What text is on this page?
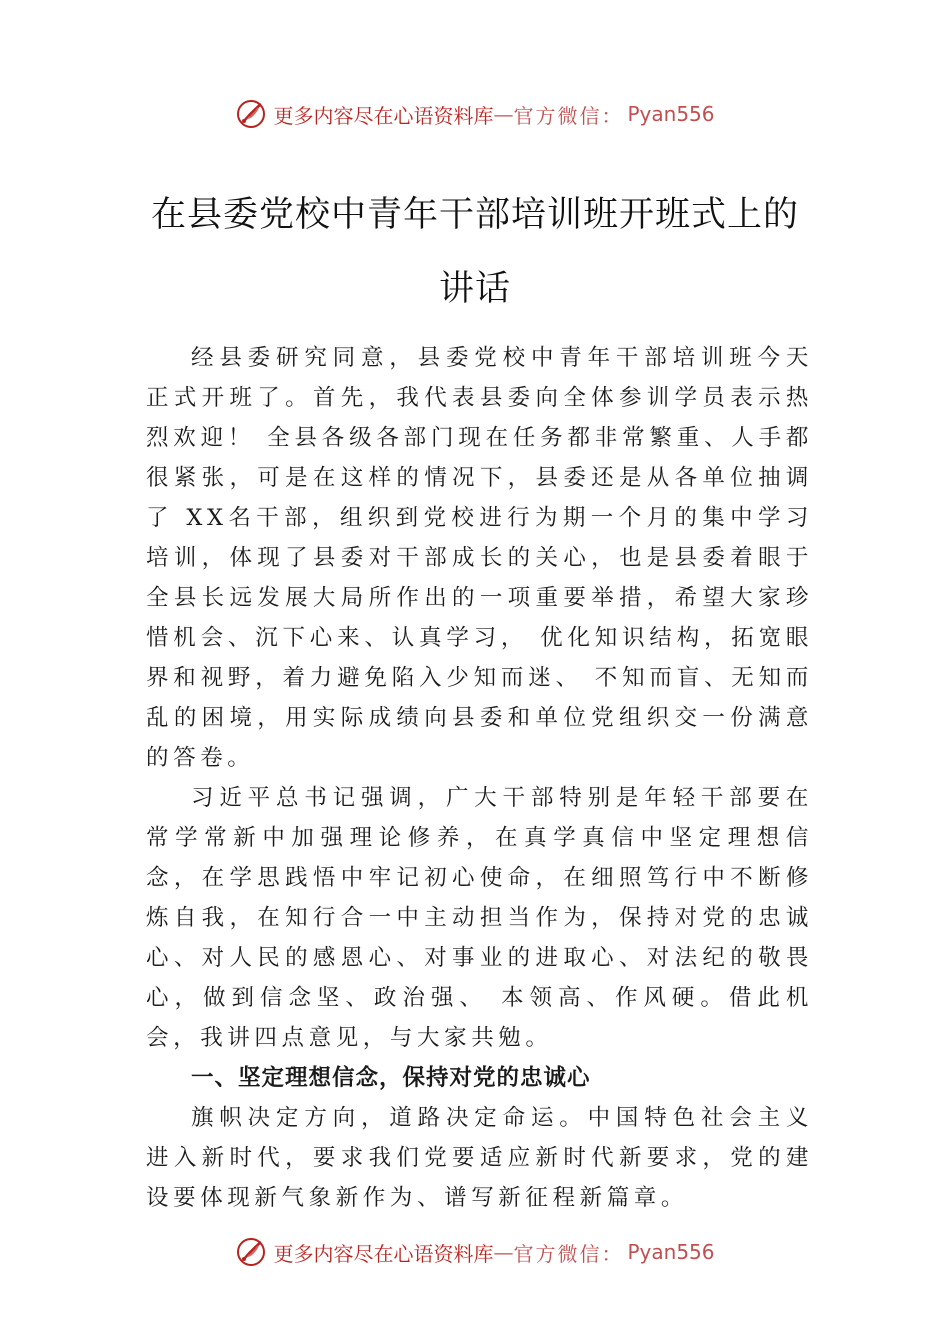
更多内容尽在心语资料库 — 官方微信： Pyan556
在县委党校中青年干部培训班开班式上的
讲话

经县委研究同意，县委党校中青年干部培训班今天正式开班了。首先，我代表县委向全体参训学员表示热烈欢迎！ 全县各级各部门现在任务都非常繁重、人手都很紧张，可是在这样的情况下，县委还是从各单位抽调了 XX名干部，组织到党校进行为期一个月的集中学习培训，体现了县委对干部成长的关心，也是县委着眼于全县长远发展大局所作出的一项重要举措，希望大家珍惜机会、沉下心来、认真学习， 优化知识结构，拓宽眼界和视野，着力避免陷入少知而迷、 不知而盲、无知而乱的困境，用实际成绩向县委和单位党组织交一份满意的答卷。

习近平总书记强调，广大干部特别是年轻干部要在常学常新中加强理论修养，在真学真信中坚定理想信念，在学思践悟中牢记初心使命，在细照笃行中不断修炼自我，在知行合一中主动担当作为，保持对党的忠诚心、对人民的感恩心、对事业的进取心、对法纪的敬畏心，做到信念坚、政治强、 本领高、作风硬。借此机会，我讲四点意见，与大家共勉。

一、坚定理想信念，保持对党的忠诚心

旗帜决定方向，道路决定命运。中国特色社会主义进入新时代，要求我们党要适应新时代新要求，党的建设要体现新气象新作为、谱写新征程新篇章。

更多内容尽在心语资料库 — 官方微信： Pyan556
